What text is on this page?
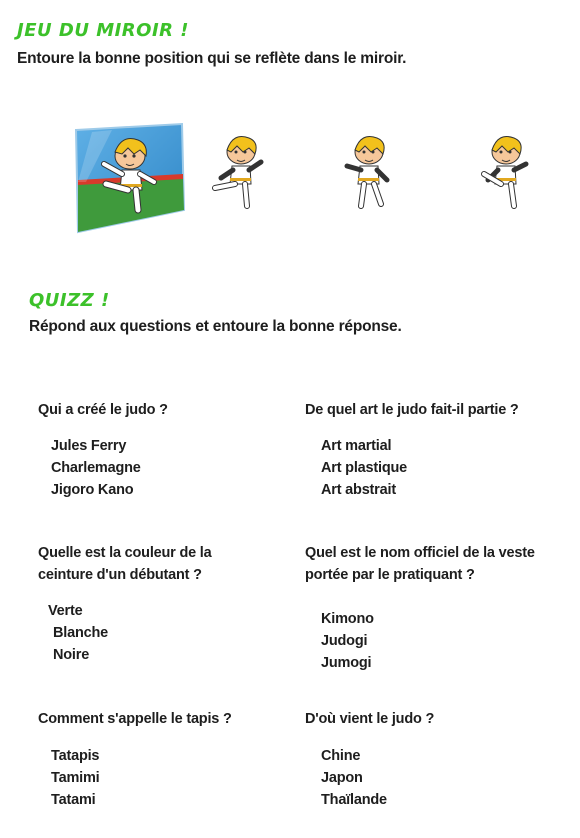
JEU DU MIROIR !
Entoure la bonne position qui se reflète dans le miroir.
QUIZZ !
Répond aux questions et entoure la bonne réponse.
Qui a créé le judo ?
Jules Ferry
Charlemagne
Jigoro Kano
De quel art le judo fait-il partie ?
Art martial
Art plastique
Art abstrait
Quelle est la couleur de la ceinture d'un débutant ?
Verte
Blanche
Noire
Quel est le nom officiel de la veste portée par le pratiquant ?
Kimono
Judogi
Jumogi
Comment s'appelle le tapis ?
Tatapis
Tamimi
Tatami
D'où vient le judo ?
Chine
Japon
Thaïlande
